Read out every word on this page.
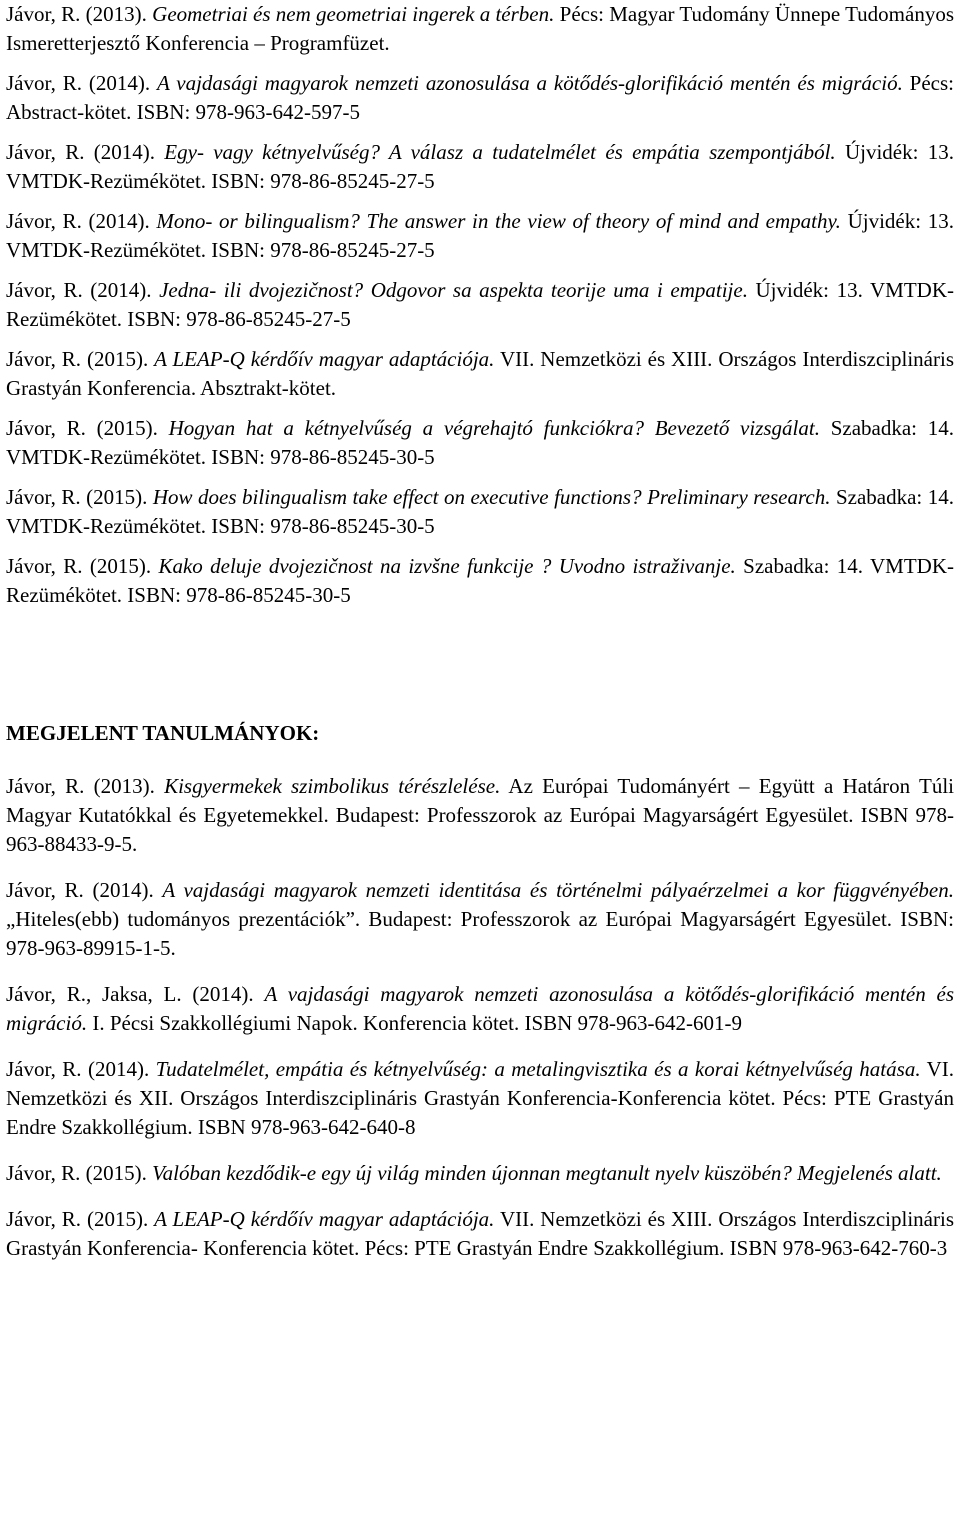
Jávor, R. (2013). Geometriai és nem geometriai ingerek a térben. Pécs: Magyar Tudomány Ünnepe Tudományos Ismeretterjesztő Konferencia – Programfüzet.

Jávor, R. (2014). A vajdasági magyarok nemzeti azonosulása a kötődés-glorifikáció mentén és migráció. Pécs: Abstract-kötet. ISBN: 978-963-642-597-5

Jávor, R. (2014). Egy- vagy kétnyelvűség? A válasz a tudatelmélet és empátia szempontjából. Újvidék: 13. VMTDK-Rezümékötet. ISBN: 978-86-85245-27-5

Jávor, R. (2014). Mono- or bilingualism? The answer in the view of theory of mind and empathy. Újvidék: 13. VMTDK-Rezümékötet. ISBN: 978-86-85245-27-5

Jávor, R. (2014). Jedna- ili dvojezičnost? Odgovor sa aspekta teorije uma i empatije. Újvidék: 13. VMTDK-Rezümékötet. ISBN: 978-86-85245-27-5

Jávor, R. (2015). A LEAP-Q kérdőív magyar adaptációja. VII. Nemzetközi és XIII. Országos Interdiszciplináris Grastyán Konferencia. Absztrakt-kötet.

Jávor, R. (2015). Hogyan hat a kétnyelvűség a végrehajtó funkciókra? Bevezető vizsgálat. Szabadka: 14. VMTDK-Rezümékötet. ISBN: 978-86-85245-30-5

Jávor, R. (2015). How does bilingualism take effect on executive functions? Preliminary research. Szabadka: 14. VMTDK-Rezümékötet. ISBN: 978-86-85245-30-5

Jávor, R. (2015). Kako deluje dvojezičnost na izvšne funkcije ? Uvodno istraživanje. Szabadka: 14. VMTDK-Rezümékötet. ISBN: 978-86-85245-30-5

MEGJELENT TANULMÁNYOK:

Jávor, R. (2013). Kisgyermekek szimbolikus térészlelése. Az Európai Tudományért – Együtt a Határon Túli Magyar Kutatókkal és Egyetemekkel. Budapest: Professzorok az Európai Magyarságért Egyesület. ISBN 978-963-88433-9-5.

Jávor, R. (2014). A vajdasági magyarok nemzeti identitása és történelmi pályaérzelmei a kor függvényében. „Hiteles(ebb) tudományos prezentációk”. Budapest: Professzorok az Európai Magyarságért Egyesület. ISBN: 978-963-89915-1-5.

Jávor, R., Jaksa, L. (2014). A vajdasági magyarok nemzeti azonosulása a kötődés-glorifikáció mentén és migráció. I. Pécsi Szakkollégiumi Napok. Konferencia kötet. ISBN 978-963-642-601-9

Jávor, R. (2014). Tudatelmélet, empátia és kétnyelvűség: a metalingvisztika és a korai kétnyelvűség hatása. VI. Nemzetközi és XII. Országos Interdiszciplináris Grastyán Konferencia-Konferencia kötet. Pécs: PTE Grastyán Endre Szakkollégium. ISBN 978-963-642-640-8

Jávor, R. (2015). Valóban kezdődik-e egy új világ minden újonnan megtanult nyelv küszöbén? Megjelenés alatt.

Jávor, R. (2015). A LEAP-Q kérdőív magyar adaptációja. VII. Nemzetközi és XIII. Országos Interdiszciplináris Grastyán Konferencia- Konferencia kötet. Pécs: PTE Grastyán Endre Szakkollégium. ISBN 978-963-642-760-3
